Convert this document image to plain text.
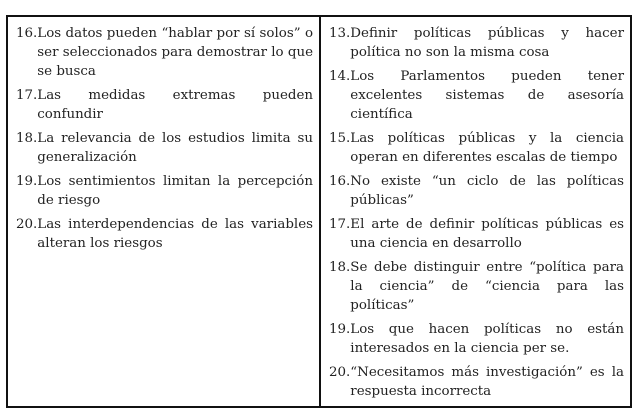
16. Los datos pueden “hablar por sí solos” o ser seleccionados para demostrar lo que se busca
17. Las medidas extremas pueden confundir
18. La relevancia de los estudios limita su generalización
19. Los sentimientos limitan la percepción de riesgo
20. Las interdependencias de las variables alteran los riesgos
13. Definir políticas públicas y hacer política no son la misma cosa
14. Los Parlamentos pueden tener excelentes sistemas de asesoría científica
15. Las políticas públicas y la ciencia operan en diferentes escalas de tiempo
16. No existe “un ciclo de las políticas públicas”
17. El arte de definir políticas públicas es una ciencia en desarrollo
18. Se debe distinguir entre “política para la ciencia” de “ciencia para las políticas”
19. Los que hacen políticas no están interesados en la ciencia per se.
20. “Necesitamos más investigación” es la respuesta incorrecta
